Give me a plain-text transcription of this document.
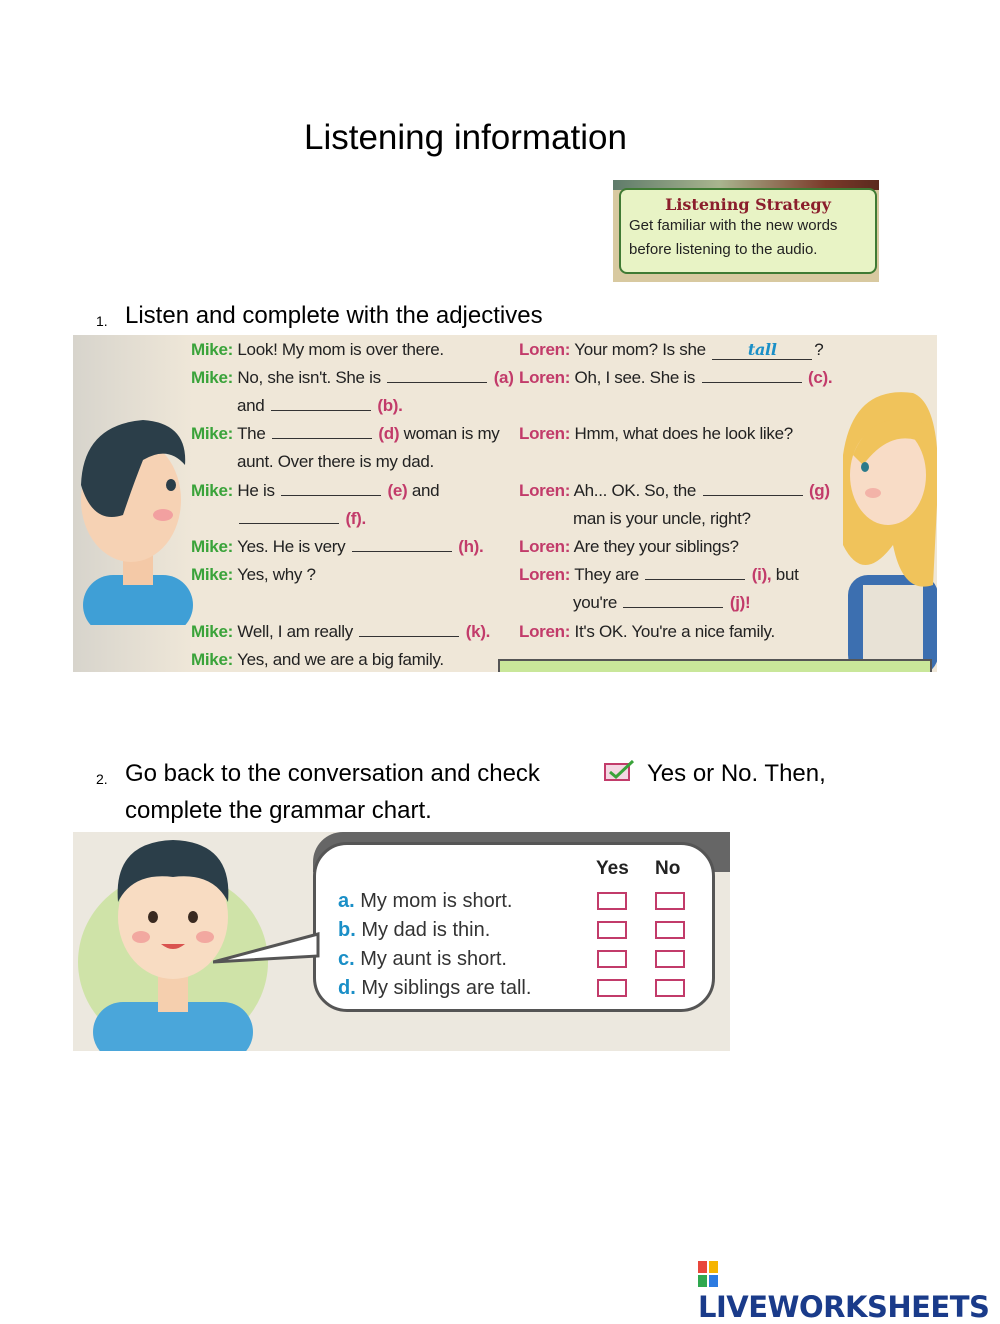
Listening information
Listening Strategy
Get familiar with the new words
before listening to the audio.
1. Listen and complete with the adjectives
Mike: Look! My mom is over there.
Mike: No, she isn't. She is	(a)
and	(b).
Mike: The	(d) woman is my
aunt. Over there is my dad.
Mike: He is	(e) and
(f).
Mike: Yes. He is very	(h).
Mike: Yes, why ?
Mike: Well, I am really	(k).
Mike: Yes, and we are a big family.
Loren: Your mom? Is she	tall ?
Loren: Oh, I see. She is	(c).
Loren: Hmm, what does he look like?
Loren: Ah... OK. So, the	(g)
man is your uncle, right?
Loren: Are they your siblings?
Loren: They are	(i), but
you're	(j)!
Loren: It's OK. You're a nice family.
2. Go back to the conversation and check	Yes or No. Then,
complete the grammar chart.
Yes No
a. My mom is short.
b. My dad is thin.
c. My aunt is short.
d. My siblings are tall.
LIVEWORKSHEETS
